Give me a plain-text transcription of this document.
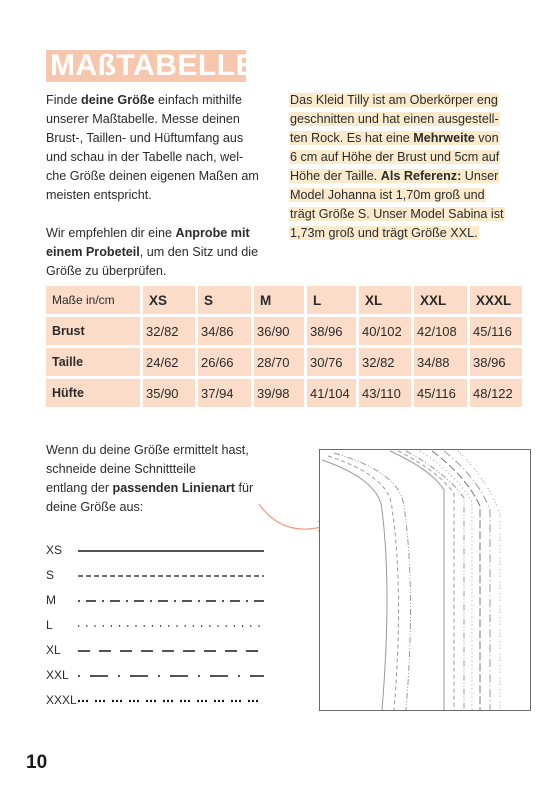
MAßTABELLE

Finde deine Größe einfach mithilfe

unserer Maßtabelle. Messe deinen

Brust-, Taillen- und Hüftumfang aus

und schau in der Tabelle nach, wel-

che Größe deinen eigenen Maßen am

meisten entspricht.

Wir empfehlen dir eine Anprobe mit

einem Probeteil, um den Sitz und die

Größe zu überprüfen.

Das Kleid Tilly ist am Oberkörper eng

geschnitten und hat einen ausgestell-

ten Rock. Es hat eine Mehrweite von

6 cm auf Höhe der Brust und 5cm auf

Höhe der Taille. Als Referenz: Unser

Model Johanna ist 1,70m groß und

trägt Größe S. Unser Model Sabina ist

1,73m groß und trägt Größe XXL.

Maße in/cm	XS	S	M	L	XL	XXL	XXXL
Brust	32/82	34/86	36/90	38/96	40/102	42/108	45/116
Taille	24/62	26/66	28/70	30/76	32/82	34/88	38/96
Hüfte	35/90	37/94	39/98	41/104 43/110	45/116	48/122

Wenn du deine Größe ermittelt hast,

schneide deine Schnittteile

entlang der passenden Linienart für

deine Größe aus:

XS
S
M
L
XL
XXL
XXXL
10
